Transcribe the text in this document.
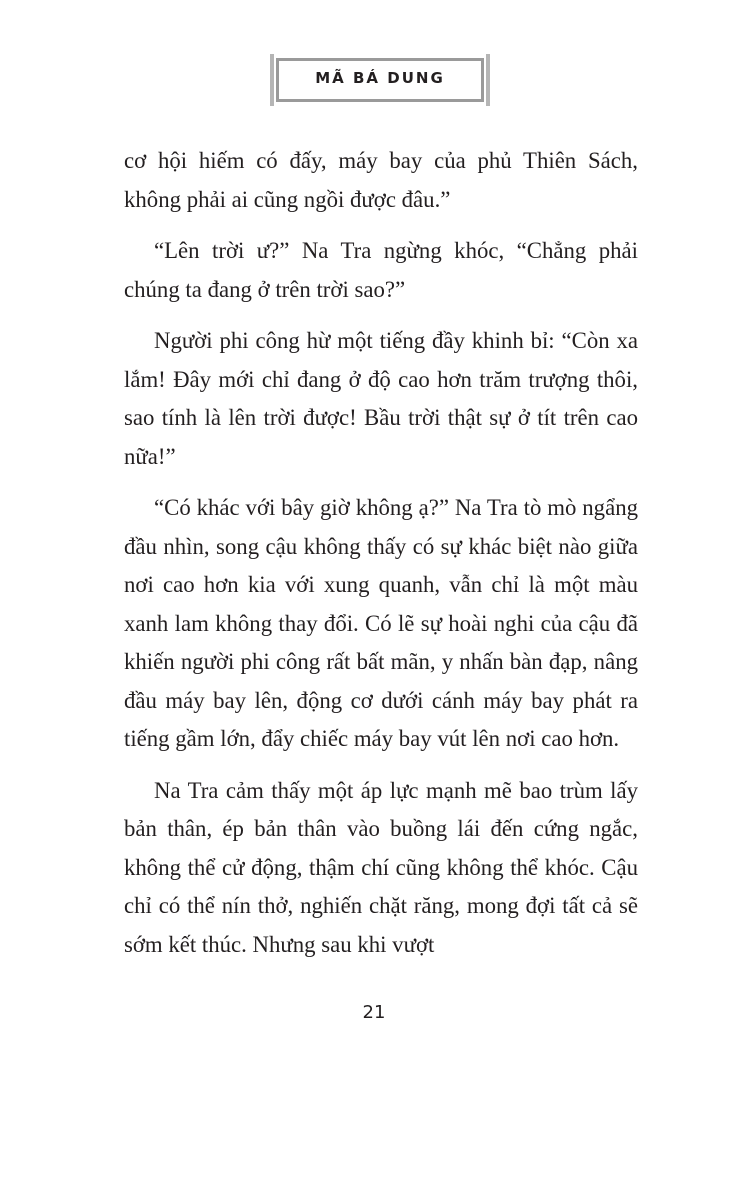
MÃ BÁ DUNG

cơ hội hiếm có đấy, máy bay của phủ Thiên Sách, không phải ai cũng ngồi được đâu.”

“Lên trời ư?” Na Tra ngừng khóc, “Chẳng phải chúng ta đang ở trên trời sao?”

Người phi công hừ một tiếng đầy khinh bỉ: “Còn xa lắm! Đây mới chỉ đang ở độ cao hơn trăm trượng thôi, sao tính là lên trời được! Bầu trời thật sự ở tít trên cao nữa!”

“Có khác với bây giờ không ạ?” Na Tra tò mò ngẩng đầu nhìn, song cậu không thấy có sự khác biệt nào giữa nơi cao hơn kia với xung quanh, vẫn chỉ là một màu xanh lam không thay đổi. Có lẽ sự hoài nghi của cậu đã khiến người phi công rất bất mãn, y nhấn bàn đạp, nâng đầu máy bay lên, động cơ dưới cánh máy bay phát ra tiếng gầm lớn, đẩy chiếc máy bay vút lên nơi cao hơn.

Na Tra cảm thấy một áp lực mạnh mẽ bao trùm lấy bản thân, ép bản thân vào buồng lái đến cứng ngắc, không thể cử động, thậm chí cũng không thể khóc. Cậu chỉ có thể nín thở, nghiến chặt răng, mong đợi tất cả sẽ sớm kết thúc. Nhưng sau khi vượt

21
